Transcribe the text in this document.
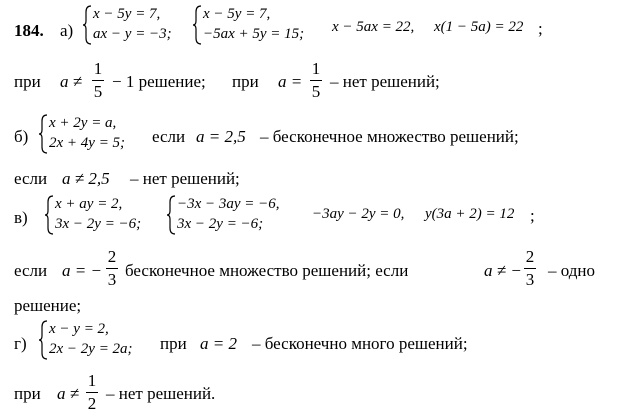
184. а)
x − 5y = 7,
ax − y = −3;
x − 5y = 7,
−5ax + 5y = 15; x − 5ax = 22, x(1 − 5a) = 22 ;
при a ≠
1
5
− 1 решение; при a =
1
5
– нет решений;
б)
x + 2y = a,
2x + 4y = 5; если a = 2,5 – бесконечное множество решений;
если a ≠ 2,5 – нет решений;
в)
x + ay = 2,
3x − 2y = −6;
−3x − 3ay = −6,
3x − 2y = −6;
−3ay − 2y = 0, y(3a + 2) = 12 ;
если a = −
2
3 бесконечное множество решений; если	a ≠ −
2
3 – одно
решение;
г)
x − y = 2,
2x − 2y = 2a; при a = 2 – бесконечно много решений;
при a ≠
1
2
– нет решений.
